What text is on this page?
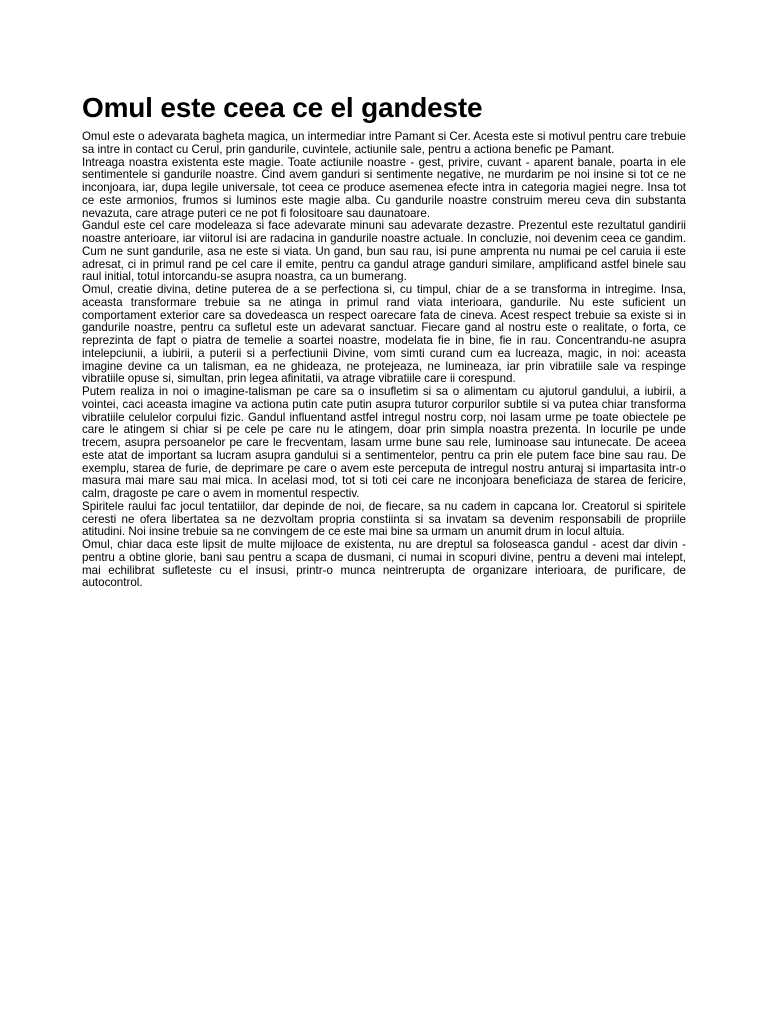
Omul este ceea ce el gandeste

Omul este o adevarata bagheta magica, un intermediar intre Pamant si Cer. Acesta este si motivul pentru care trebuie sa intre in contact cu Cerul, prin gandurile, cuvintele, actiunile sale, pentru a actiona benefic pe Pamant.

Intreaga noastra existenta este magie. Toate actiunile noastre - gest, privire, cuvant - aparent banale, poarta in ele sentimentele si gandurile noastre. Cind avem ganduri si sentimente negative, ne murdarim pe noi insine si tot ce ne inconjoara, iar, dupa legile universale, tot ceea ce produce asemenea efecte intra in categoria magiei negre. Insa tot ce este armonios, frumos si luminos este magie alba. Cu gandurile noastre construim mereu ceva din substanta nevazuta, care atrage puteri ce ne pot fi folositoare sau daunatoare.

Gandul este cel care modeleaza si face adevarate minuni sau adevarate dezastre. Prezentul este rezultatul gandirii noastre anterioare, iar viitorul isi are radacina in gandurile noastre actuale. In concluzie, noi devenim ceea ce gandim. Cum ne sunt gandurile, asa ne este si viata. Un gand, bun sau rau, isi pune amprenta nu numai pe cel caruia ii este adresat, ci in primul rand pe cel care il emite, pentru ca gandul atrage ganduri similare, amplificand astfel binele sau raul initial, totul intorcandu-se asupra noastra, ca un bumerang.

Omul, creatie divina, detine puterea de a se perfectiona si, cu timpul, chiar de a se transforma in intregime. Insa, aceasta transformare trebuie sa ne atinga in primul rand viata interioara, gandurile. Nu este suficient un comportament exterior care sa dovedeasca un respect oarecare fata de cineva. Acest respect trebuie sa existe si in gandurile noastre, pentru ca sufletul este un adevarat sanctuar. Fiecare gand al nostru este o realitate, o forta, ce reprezinta de fapt o piatra de temelie a soartei noastre, modelata fie in bine, fie in rau. Concentrandu-ne asupra intelepciunii, a iubirii, a puterii si a perfectiunii Divine, vom simti curand cum ea lucreaza, magic, in noi: aceasta imagine devine ca un talisman, ea ne ghideaza, ne protejeaza, ne lumineaza, iar prin vibratiile sale va respinge vibratiile opuse si, simultan, prin legea afinitatii, va atrage vibratiile care ii corespund.

Putem realiza in noi o imagine-talisman pe care sa o insufletim si sa o alimentam cu ajutorul gandului, a iubirii, a vointei, caci aceasta imagine va actiona putin cate putin asupra tuturor corpurilor subtile si va putea chiar transforma vibratiile celulelor corpului fizic. Gandul influentand astfel intregul nostru corp, noi lasam urme pe toate obiectele pe care le atingem si chiar si pe cele pe care nu le atingem, doar prin simpla noastra prezenta. In locurile pe unde trecem, asupra persoanelor pe care le frecventam, lasam urme bune sau rele, luminoase sau intunecate. De aceea este atat de important sa lucram asupra gandului si a sentimentelor, pentru ca prin ele putem face bine sau rau. De exemplu, starea de furie, de deprimare pe care o avem este perceputa de intregul nostru anturaj si impartasita intr-o masura mai mare sau mai mica. In acelasi mod, tot si toti cei care ne inconjoara beneficiaza de starea de fericire, calm, dragoste pe care o avem in momentul respectiv.

Spiritele raului fac jocul tentatiilor, dar depinde de noi, de fiecare, sa nu cadem in capcana lor. Creatorul si spiritele ceresti ne ofera libertatea sa ne dezvoltam propria constiinta si sa invatam sa devenim responsabili de propriile atitudini. Noi insine trebuie sa ne convingem de ce este mai bine sa urmam un anumit drum in locul altuia.

Omul, chiar daca este lipsit de multe mijloace de existenta, nu are dreptul sa foloseasca gandul - acest dar divin - pentru a obtine glorie, bani sau pentru a scapa de dusmani, ci numai in scopuri divine, pentru a deveni mai intelept, mai echilibrat sufleteste cu el insusi, printr-o munca neintrerupta de organizare interioara, de purificare, de autocontrol.
